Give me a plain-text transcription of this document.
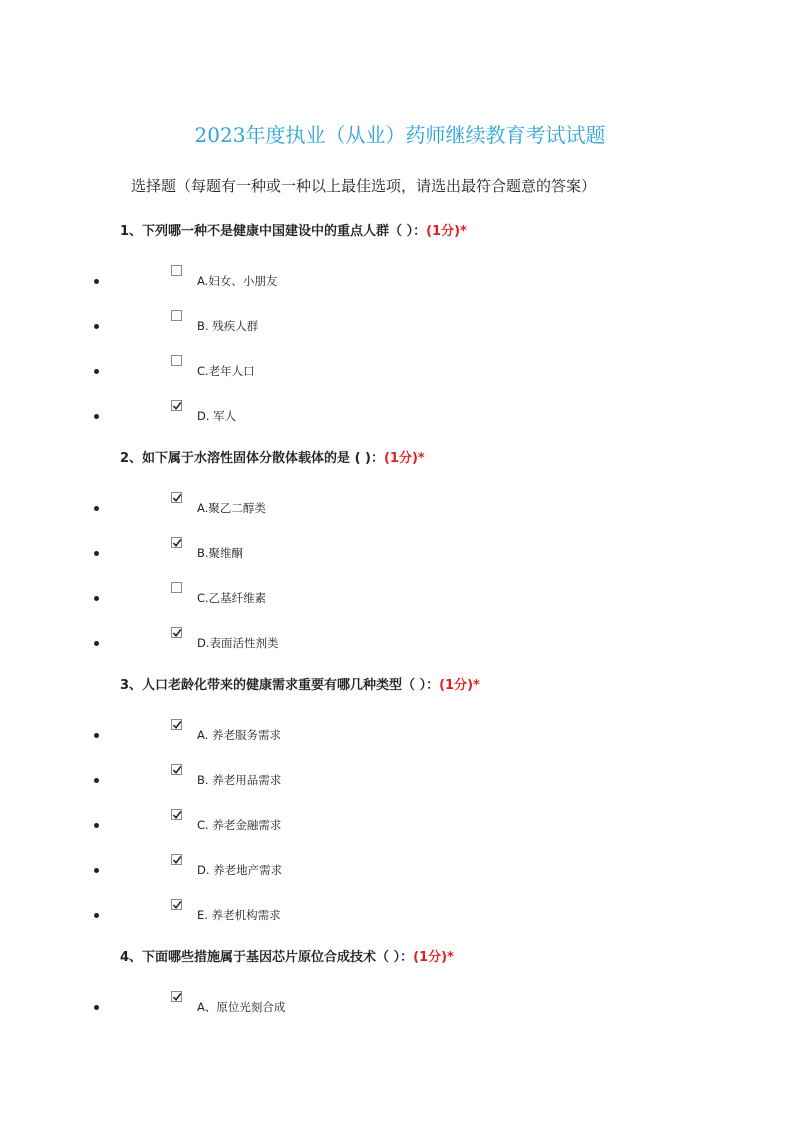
2023年度执业（从业）药师继续教育考试试题
选择题（每题有一种或一种以上最佳选项，请选出最符合题意的答案）
1、下列哪一种不是健康中国建设中的重点人群（ ）：(1分)*
A.妇女、小朋友
B. 残疾人群
C.老年人口
D. 军人
2、如下属于水溶性固体分散体载体的是 ( )：(1分)*
A.聚乙二醇类
B.聚维酮
C.乙基纤维素
D.表面活性剂类
3、人口老龄化带来的健康需求重要有哪几种类型（ ）：(1分)*
A. 养老服务需求
B. 养老用品需求
C. 养老金融需求
D. 养老地产需求
E. 养老机构需求
4、下面哪些措施属于基因芯片原位合成技术（ ）：(1分)*
A、原位光刻合成
